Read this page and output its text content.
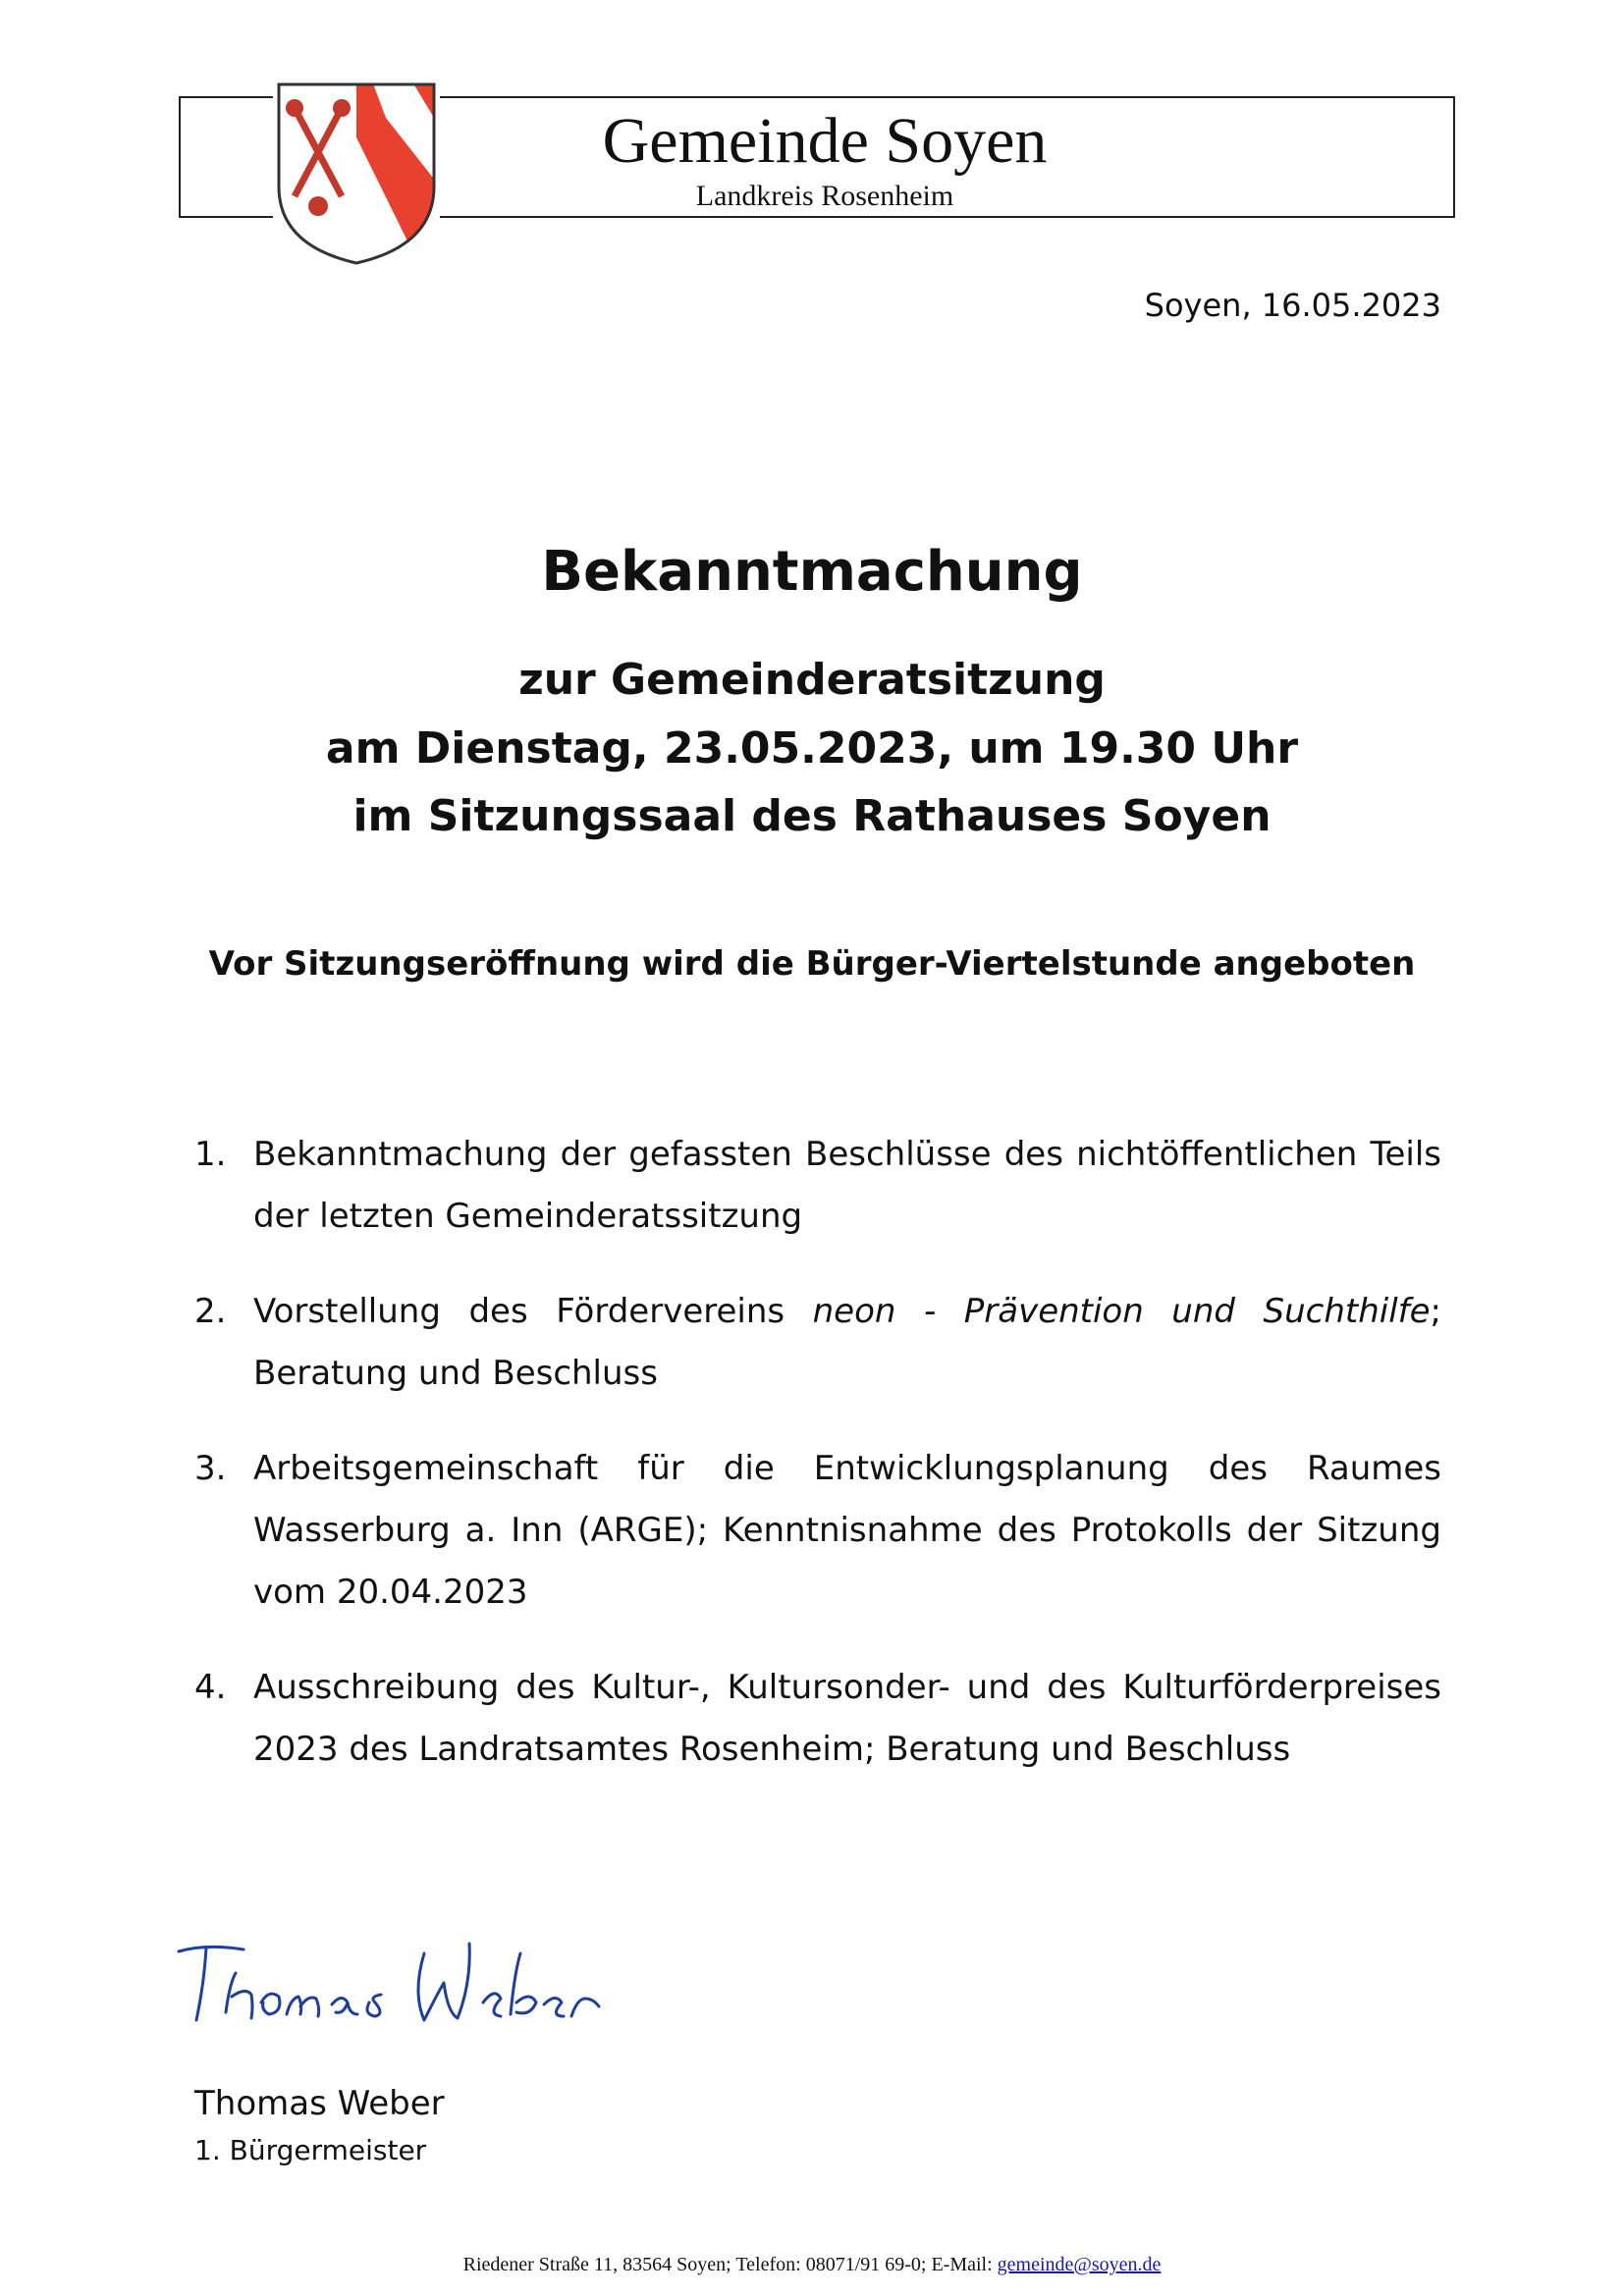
Gemeinde Soyen
Landkreis Rosenheim
Soyen, 16.05.2023
Bekanntmachung
zur Gemeinderatsitzung
am Dienstag, 23.05.2023, um 19.30 Uhr
im Sitzungssaal des Rathauses Soyen
Vor Sitzungseröffnung wird die Bürger-Viertelstunde angeboten
1. Bekanntmachung der gefassten Beschlüsse des nichtöffentlichen Teils der letzten Gemeinderatssitzung
2. Vorstellung des Fördervereins neon - Prävention und Suchthilfe; Beratung und Beschluss
3. Arbeitsgemeinschaft für die Entwicklungsplanung des Raumes Wasserburg a. Inn (ARGE); Kenntnisnahme des Protokolls der Sitzung vom 20.04.2023
4. Ausschreibung des Kultur-, Kultursonder- und des Kulturförderpreises 2023 des Landratsamtes Rosenheim; Beratung und Beschluss
Thomas Weber
1. Bürgermeister
Riedener Straße 11, 83564 Soyen; Telefon: 08071/91 69-0; E-Mail: gemeinde@soyen.de
